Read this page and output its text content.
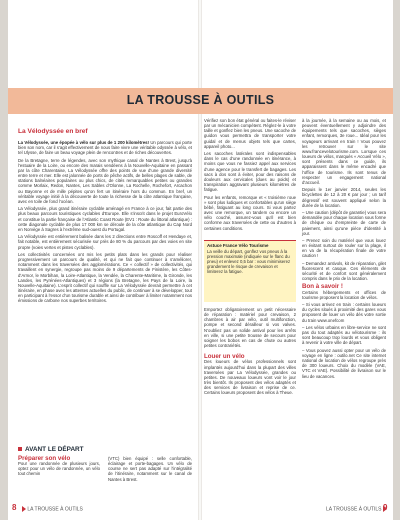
LA TROUSSE À OUTILS
La Vélodyssée en bref

La Vélodyssée, une épopée à vélo sur plus de 1 200 kilomètres! Un parcours qui porte bien son nom, car il s’agit effectivement de nous faire vivre une véritable odyssée à vélo, et tel Ulysse, de faire un beau voyage plein de rencontres et de riches découvertes.

De la Bretagne, terre de légendes, avec son mythique canal de Nantes à Brest, jusqu’à l’estuaire de la Loire, ou encore des marais vendéens à la Nouvelle-Aquitaine en passant par la côte Charentaise, La Vélodyssée offre des points de vue d’une grande diversité entre terre et mer. Elle est jalonnée de ports de pêche actifs, de belles plages de sable, de stations balnéaires populaires ou plus chics, de cités remarquables petites ou grandes comme Morlaix, Redon, Nantes, Les Sables d’Olonne, La Rochelle, Rochefort, Arcachon ou Bayonne et de mille pépites qu’on fert un itinéraire hors du commun. En bref, un véritable voyage initié à la découverte de toute la richesse de la côte atlantique française, avec en toile de fond l’océan.

La Vélodyssée, plus grand itinéraire cyclable aménagé en France à ce jour, fait partie des plus beaux parcours touristiques cyclables d’Europe. Elle s’inscrit dans le projet EuroVélo et constitue la partie française de l’Atlantic Coast Route (EV1 : Route du littoral atlantique) : cette diagonale cyclable de plus 17 000 km se déroule de la côte atlantique du Cap Nord en Norvège à Sagres à l’extrême sud-ouest du Portugal.

La Vélodyssée est entièrement balisée dans les 2 directions entre Roscoff et Hendaye et, fait notable, est entièrement sécurisée sur près de 80 % du parcours par des voies en site propre (voies vertes et pistes cyclables).

Les collectivités concernées ont mis les petits plats dans les grands pour réaliser progressivement un parcours de qualité, et qui ne fait que continuer à s’améliorer, notamment dans les traversées des agglomérations. Ce « collectif » de collectivités, qui travaillent en synergie, regroupe pas moins de 9 départements de Finistère, les Côtes-d’Armor, le Morbihan, la Loire-Atlantique, la Vendée, la Charente-Maritime, la Gironde, les Landes, les Pyrénées-Atlantiques) et 3 régions (la Bretagne, les Pays de la Loire, la Nouvelle-Aquitaine). L’esprit collectif qui souffle sur La Vélodyssée devrait permettre à cet itinéraire, en phase avec les attentes actuelles du public, de continuer à se développer, tout en participant à l’essor d’un tourisme durable et ainsi de contribuer à limiter notamment nos émissions de carbone nos superbes territoires.

AVANT LE DÉPART
Préparer son vélo

Pour une randonnée de plusieurs jours, optez pour un vélo de randonnée, un vélo tout chemin

(VTC) bien équipé : selle confortable, éclairage et porte-bagages. Un vélo de course ne sert pas adapté sur l’intégralité de l’itinéraire, notamment sur le canal de Nantes à Brest.

Vérifiez son bon état général ou faites-le réviser par un mécanicien compétent. Réglez-le à votre taille et gonflez bien les pneus. Une sacoche de guidon vous permettra de transporter votre guidal et de menus objets tels que cartes, appareil photo...

Les sacoches latérales sont indispensables dans le cas d’une randonnée en itinérance, à moins que vous ne fassiez appel aux services d’une agence pour le transfert de bagages. Les sacs à dos sont à éviter, pour des raisons de douleurs aux cervicales (dues au poids) et transpiration aggravant plusieurs kilomètres de fatigue.

Pour les enfants, remorque et « troisième roue » sont plus ludiques et confortables qu’un siège bébé, fatiguant au long cours. Si vous partez avec une remorque, un tandem ou encore un vélo couché, assurez-vous qu’il est bien conforme aux traversées de cette ou d’autres à certaines conditions.

Astuce France Vélo Tourisme
La veille du départ, gonflez vos pneus à la pression maximale (indiquée sur le flanc du pneu) et enlevez 0,5 bar : vous minimiserez grandement le risque de crevaison et limiterez la fatigue.

Emportez obligatoirement un petit nécessaire de réparation : matériel pour crevaison, 2 chambres à air par vélo, outil multifonction, pompe et second dérailleur si vos valves. N’oubliez pas un solide antivol pour les arrêts en ville, si une petite trousse de secours pour soigner les bobos en cas de chute ou autres petites contrariétés.

Louer un vélo

Des loueurs de vélos professionnels sont implantés aujourd’hui dans la plupart des villes traversées par La Vélodyssée, grandes ou petites. De nouveaux loueurs vont voir le jour très bientôt. Ils proposent des vélos adaptés et des services de livraison et reprise de ce. Certains loueurs proposent des vélos à Theue.

à la journée, à la semaine ou au mois, et peuvent éventuellement y adjoindre des équipements tels que sacoches, sièges enfant, remorques, 3e roue... Idéal pour les voyageurs arrivant en train ! Vous pouvez les retrouver sur le site www.francevelotourisme.com. Lorsque ces loueurs de vélos, marqués « Accueil Vélo », sont présents dans ce guide, ils apparaissent dans le même encadré que l’office de tourisme. Ils sont tenus de respecter un engagement national d’accueil.

Depuis le 1er janvier 2014, seules les bicyclettes de 12 à 20 € par jour ; un tarif dégressif est souvent appliqué selon la durée de la location.

– Une caution (dépôt de garantie) vous sera demandée pour chaque location sous forme de chèque ou d’empreinte de carte de paiement, ainsi qu’une pièce d’identité à jour.

– Prenez soin du matériel que vous louez en évitant surtout de rouler sur la plage, il en va de la récupération finale de votre caution !

– Demandez antivols, kit de réparation, gilet fluorescent et casque. Ces éléments de sécurité et de confort sont généralement compris dans le prix de la location.

Bon à savoir !

Certains hébergements et offices de tourisme proposent la location de vélos.

– Si vous arrivez en train : certains loueurs du cycles situés à proximité des gares vous proposent de louer un vélo dès votre sortie du train www.onefcom

– Les vélos urbains en libre-service ne sont pas du tout adaptés au vélotourisme : ils sont beaucoup trop lourds et vous obligent à revenir à votre ville de départ.

– Vous pouvez aussi opter pour un vélo de voyage en ligne : outilo.net Ce site internet national de location de vélos regroupe près de 300 loueurs. Choix du modèle (VAE, VTC et VAE). Possibilité de livraison sur le lieu de vacances.

8	LA TROUSSE À OUTILS	LA TROUSSE À OUTILS 9
